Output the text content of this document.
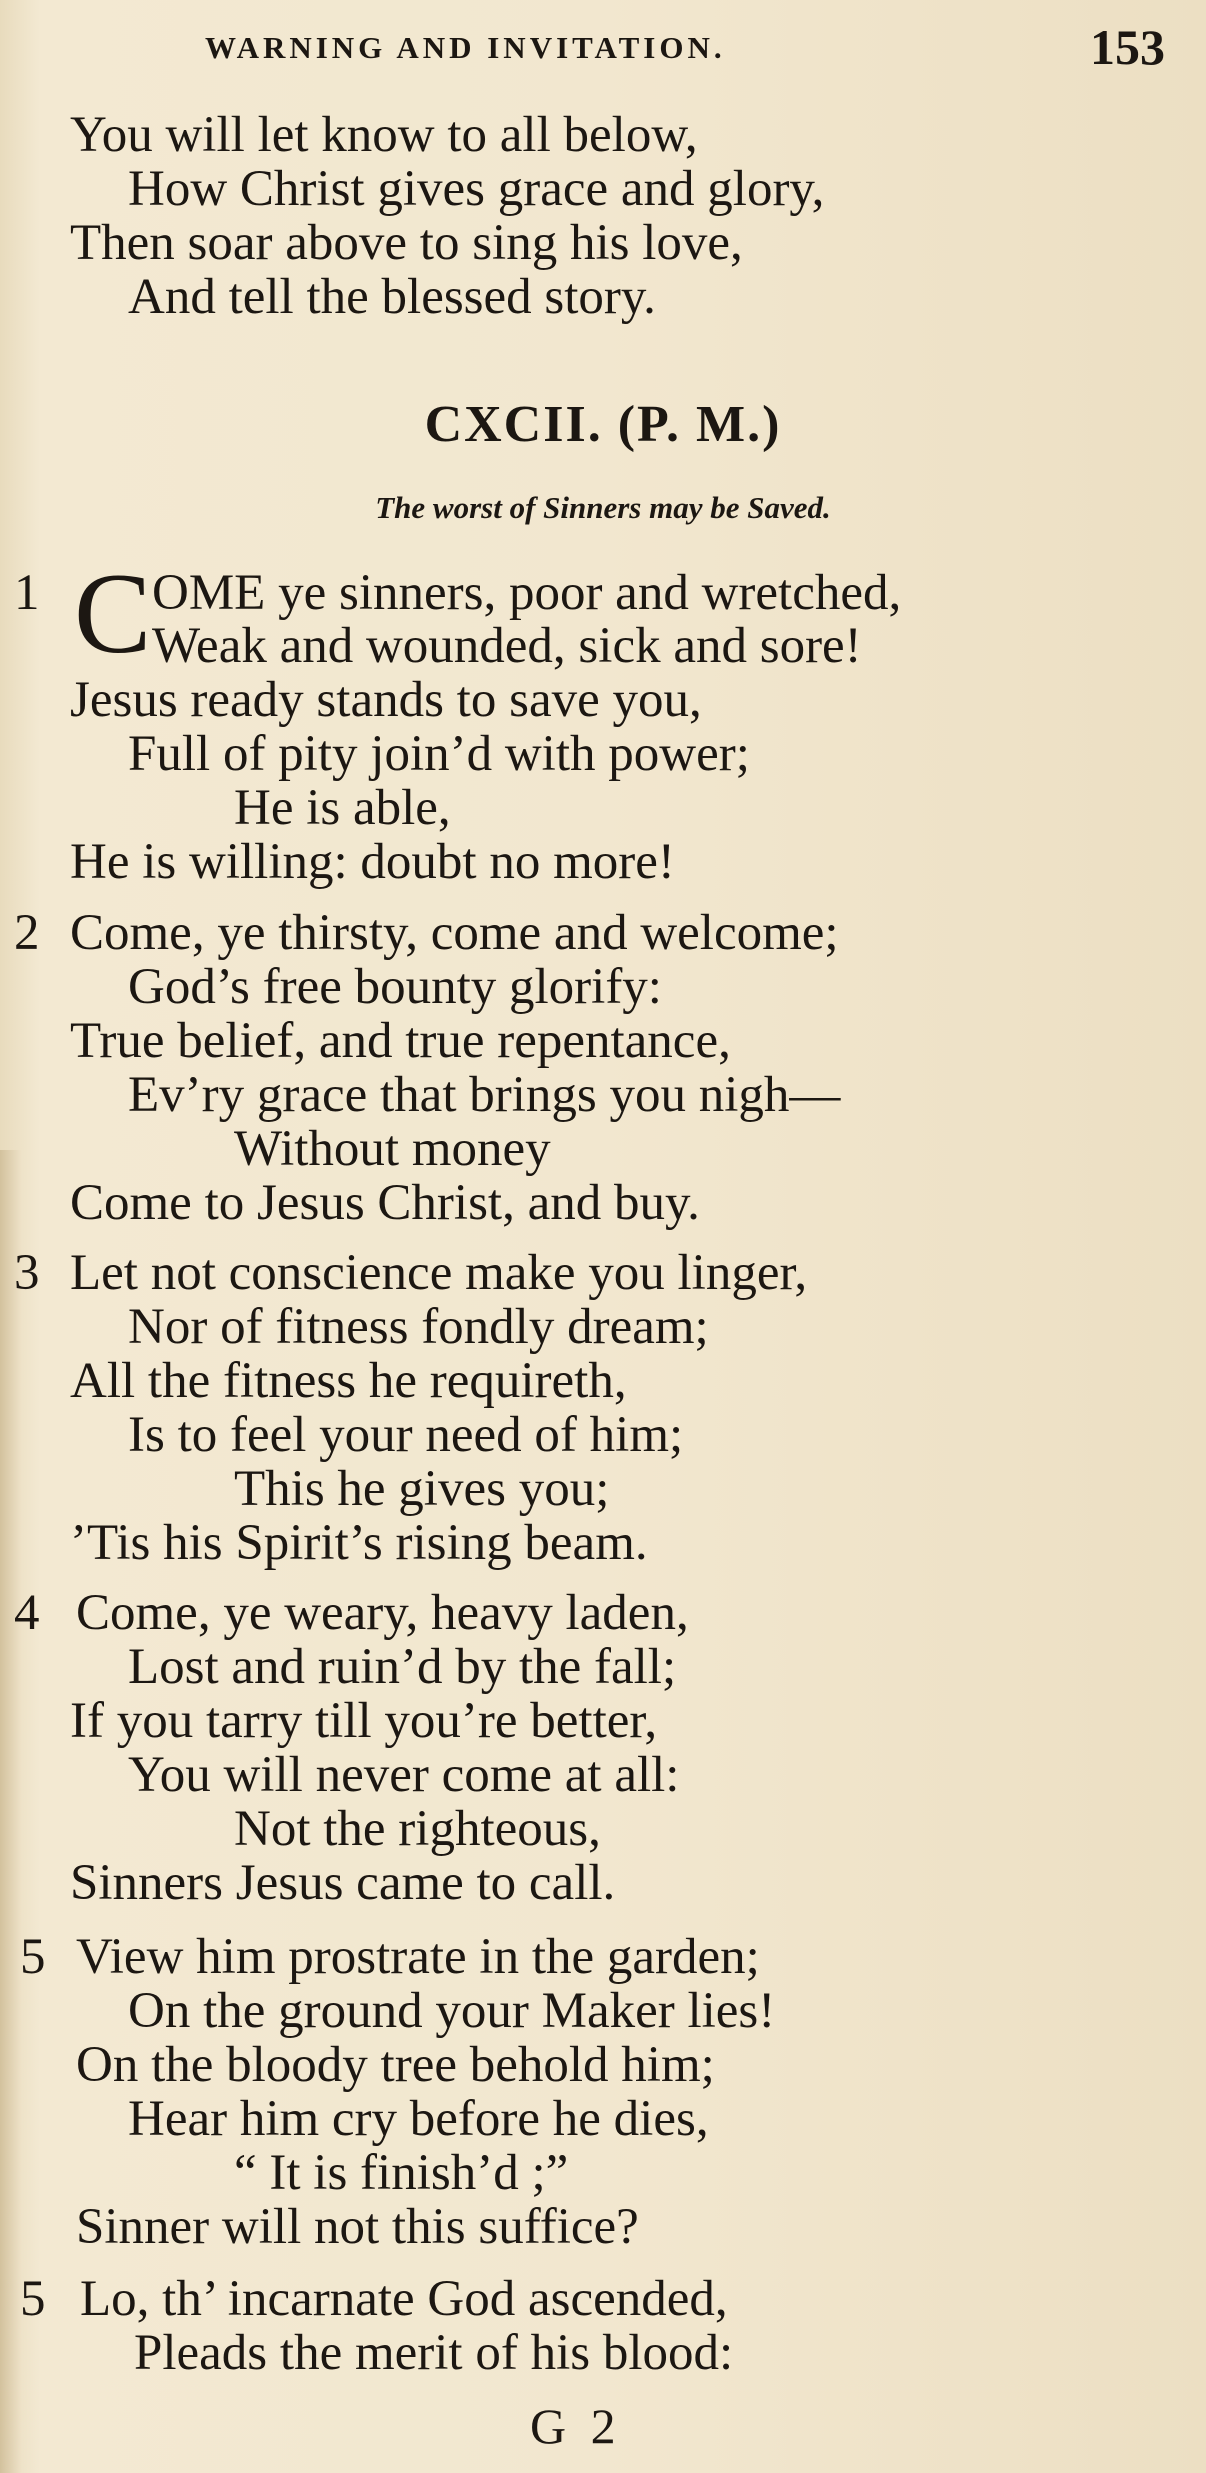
WARNING AND INVITATION.	153
You will let know to all below,
How Christ gives grace and glory,
Then soar above to sing his love,
And tell the blessed story.
CXCII. (P. M.)
The worst of Sinners may be Saved.
1 C OME ye sinners, poor and wretched,
Weak and wounded, sick and sore!
Jesus ready stands to save you,
Full of pity join’d with power;
He is able,
He is willing: doubt no more!
2 Come, ye thirsty, come and welcome;
God’s free bounty glorify:
True belief, and true repentance,
Ev’ry grace that brings you nigh—
Without money
Come to Jesus Christ, and buy.
3 Let not conscience make you linger,
Nor of fitness fondly dream;
All the fitness he requireth,
Is to feel your need of him;
This he gives you;
’Tis his Spirit’s rising beam.
4 Come, ye weary, heavy laden,
Lost and ruin’d by the fall;
If you tarry till you’re better,
You will never come at all:
Not the righteous,
Sinners Jesus came to call.
5 View him prostrate in the garden;
On the ground your Maker lies!
On the bloody tree behold him;
Hear him cry before he dies,
“ It is finish’d ;”
Sinner will not this suffice?
5 Lo, th’ incarnate God ascended,
Pleads the merit of his blood:
G 2
